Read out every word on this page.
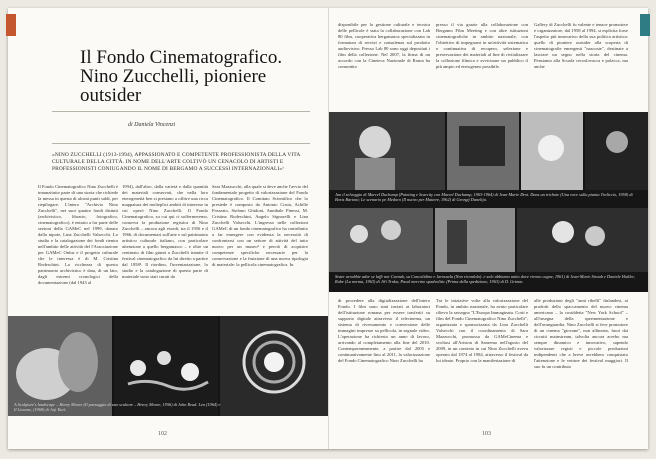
Il Fondo Cinematografico.
Nino Zucchelli, pioniere outsider
di Daniela Vincenzi
«NINO ZUCCHELLI (1913-1994), APPASSIONATO E COMPETENTE PROFESSIONISTA DELLA VITA CULTURALE DELLA CITTÀ. IN NOME DELL'ARTE COLTIVÒ UN CENACOLO DI ARTISTI E PROFESSIONISTI CONIUGANDO IL NOME DI BERGAMO A SUCCESSI INTERNAZIONALI»¹
Il Fondo Cinematografico Nino Zucchelli è innanzitutto parte di una storia che richiede la messa in questa di alcuni punti saldi, per riepilogare. L'intero "Archivio Nino Zucchelli", nei suoi quattro fondi distinti (archivistico, librario, fotografico, cinematografico), è entrato a far parte delle sezioni della GAMeC nel 1999, donato dalla nipote, Lina Zucchelli Valsecchi. Lo studio e la catalogazione dei fondi rientra nell'ambito delle attività del l'Associazione per GAMeC Onlus e il progetto culturale che le interessa è di M. Cristina Rodeschini. La ricchezza di questo patrimonio archivistico è data, di un lato, dagli estremi cronologici della documentazione (dal 1943 al
1994), dall'altro, dalla varietà e dalla quantità dei materiali conservati, che nella loro eterogeneità ben si prestano a offrire una ricca mappatura dei molteplici ambiti di interesse in cui operò Nino Zucchelli. Il Fondo Cinematografico, su cui qui ci soffermeremo, conserva la produzione registica di Nino Zucchelli – ancora agli esordi, tra il 1956 e il 1966, di documentari sull'arte e sul patrimonio artistico culturale italiano, con particolare attenzione a quello bergamasco – e oltre un centinaio di film giunti a Zucchelli tramite il festival cinematografico da lui diretto a partire dal 1958². Il riordino, l'inventariazione, lo studio e la catalogazione di questa parte di materiale sono stati curati da
Sara Mazzucchi, alla quale si deve anche l'avvio del fondamentale progetto di valorizzazione del Fondo Cinematografico. Il Comitato Scientifico che lo presiede è composto da Antonio Costa, Achille Frezzato, Stefano Ghidoni, Annibale Pinessi, M. Cristina Rodeschini, Angelo Signorelli e Lina Zucchelli Valsecchi. L'ingresso nelle collezioni GAMeC di un fondo cinematografico ha contribuito a far emergere con evidenza la necessità di confrontarsi con un settore di attività del tutto nuovo per un museo³ e perciò di acquisire competenze specifiche necessarie per la conservazione e la fruizione di una nuova tipologia di materiale: la pellicola cinematografica. In
A Sculpture's landscape – Henry Moore (Il paesaggio di uno scultore – Henry Moore, 1956) di John Read. Lea (1964) e Il Lissone, (1968) di Joji Kurì.
102
disponibile per la gestione culturale e tecnica delle pellicole è stata la collaborazione con Lab 80 film, cooperativa bergamasca specializzata in formatura di servizi e consulenza sul prodotto audiovisivo. Presso Lab 80 sono oggi depositati i film della collezione. Nel 2007, la firma di un accordo con la Cineteca Nazionale di Roma ha consentito
presso il via grazie alla collaborazione con Bergamo Film Meeting e con altre istituzioni cinematografiche in ambito nazionale, con l'obiettivo di impegnarsi in un'attività sistematica e continuativa di recupero, selezione e preservazione dei materiali al fine di rivitalizzare la collezione filmica e avvicinare un pubblico il più ampio ed eterogeneo possibile.
Gallery di Zucchelli fu valente e tenace promotore e organizzatore, dal 1958 al 1994, si esplicita forse l'aspetto più innovativo della sua politica artistica: quello di pioniere outsider alla scoperta di cinematografie emergenti "nascoste", destinate a lasciare un segno nella storia del cinema. Pensiamo alla Scuola cecoslovacca e polacca, ma anche
Jan il selvaggio di Marcel Duchamp (Painting e Scarcity con Marcel Duchamp, 1963-1964) di Jean-Marie Drot. Dans un trichote (Una voce sulla pianta Traliccio, 1958) di Boris Bartoni; Le scenario pe Medoro (Il nuovo per Mattere, 1962) di Georgij Danelija.
Sister arrabbie ador se lafft nor Cavnak, su Concolidino e Jarosavla (Non ricordalo). e solo abbiamo unito dove vivono cagne, 1961) di Jean-Marie Straub e Daniele Huillet; Rabe (La norma, 1963) di Jiří Trnka; Pasol mercino spadvolitic (Prima della spedizione, 1963) di D. Grimm.
di procedere alla digitalizzazione dell'intero Fondo. I film sono stati inviati ai laboratori dell'istituzione romana per essere trasferiti su supporto digitale attraverso il telecinema, un sistema di riversamento e conversione delle immagini impresse su pellicola, in segnale video. L'operazione ha richiesto un anno di lavoro, arrivando al completamento alla fine del 2010. Contemporaneamente, a partire dal 2005 e continuativamente fino al 2011, la valorizzazione del Fondo Cinematografico Nino Zucchelli ha
Tra le iniziative volte alla valorizzazione del Fondo, in ambito nazionale, ha avuto particolare rilievo la rassegna "L'Europa Immaginata. Corti e film del Fondo Cinematografico Nino Zucchelli", organizzata e sponsorizzata da Lina Zucchelli Valsecchi con il coordinamento di Sara Mazzucchi, promossa da GAMeCinema e svoltasi all'Ariston di Sanremo nell'agosto del 2009, in un contesto in cui Nino Zucchelli aveva operato dal 1974 al 1984, attraverso il festival da lui ideato. Proprio con la manifestazione di
alle produzioni degli "anni ribelli" finlandesi, ai prodotti dello spaccamento del nuovo cinema americano – la cosiddetta "New York School" – all'insegna della sperimentazione e dell'avanguardia. Nino Zucchelli si fece promotore di un cinema "giovane", non allineato, fuori dai circuiti mainstream, talvolta ancora acerbo ma sempre dinamico e innovativo, sapendo valorizzare registi e piccole produzioni indipendenti che a breve avrebbero conquistato l'attenzione e le vetrine dei festival maggiori. Il suo fu un contributo
103
